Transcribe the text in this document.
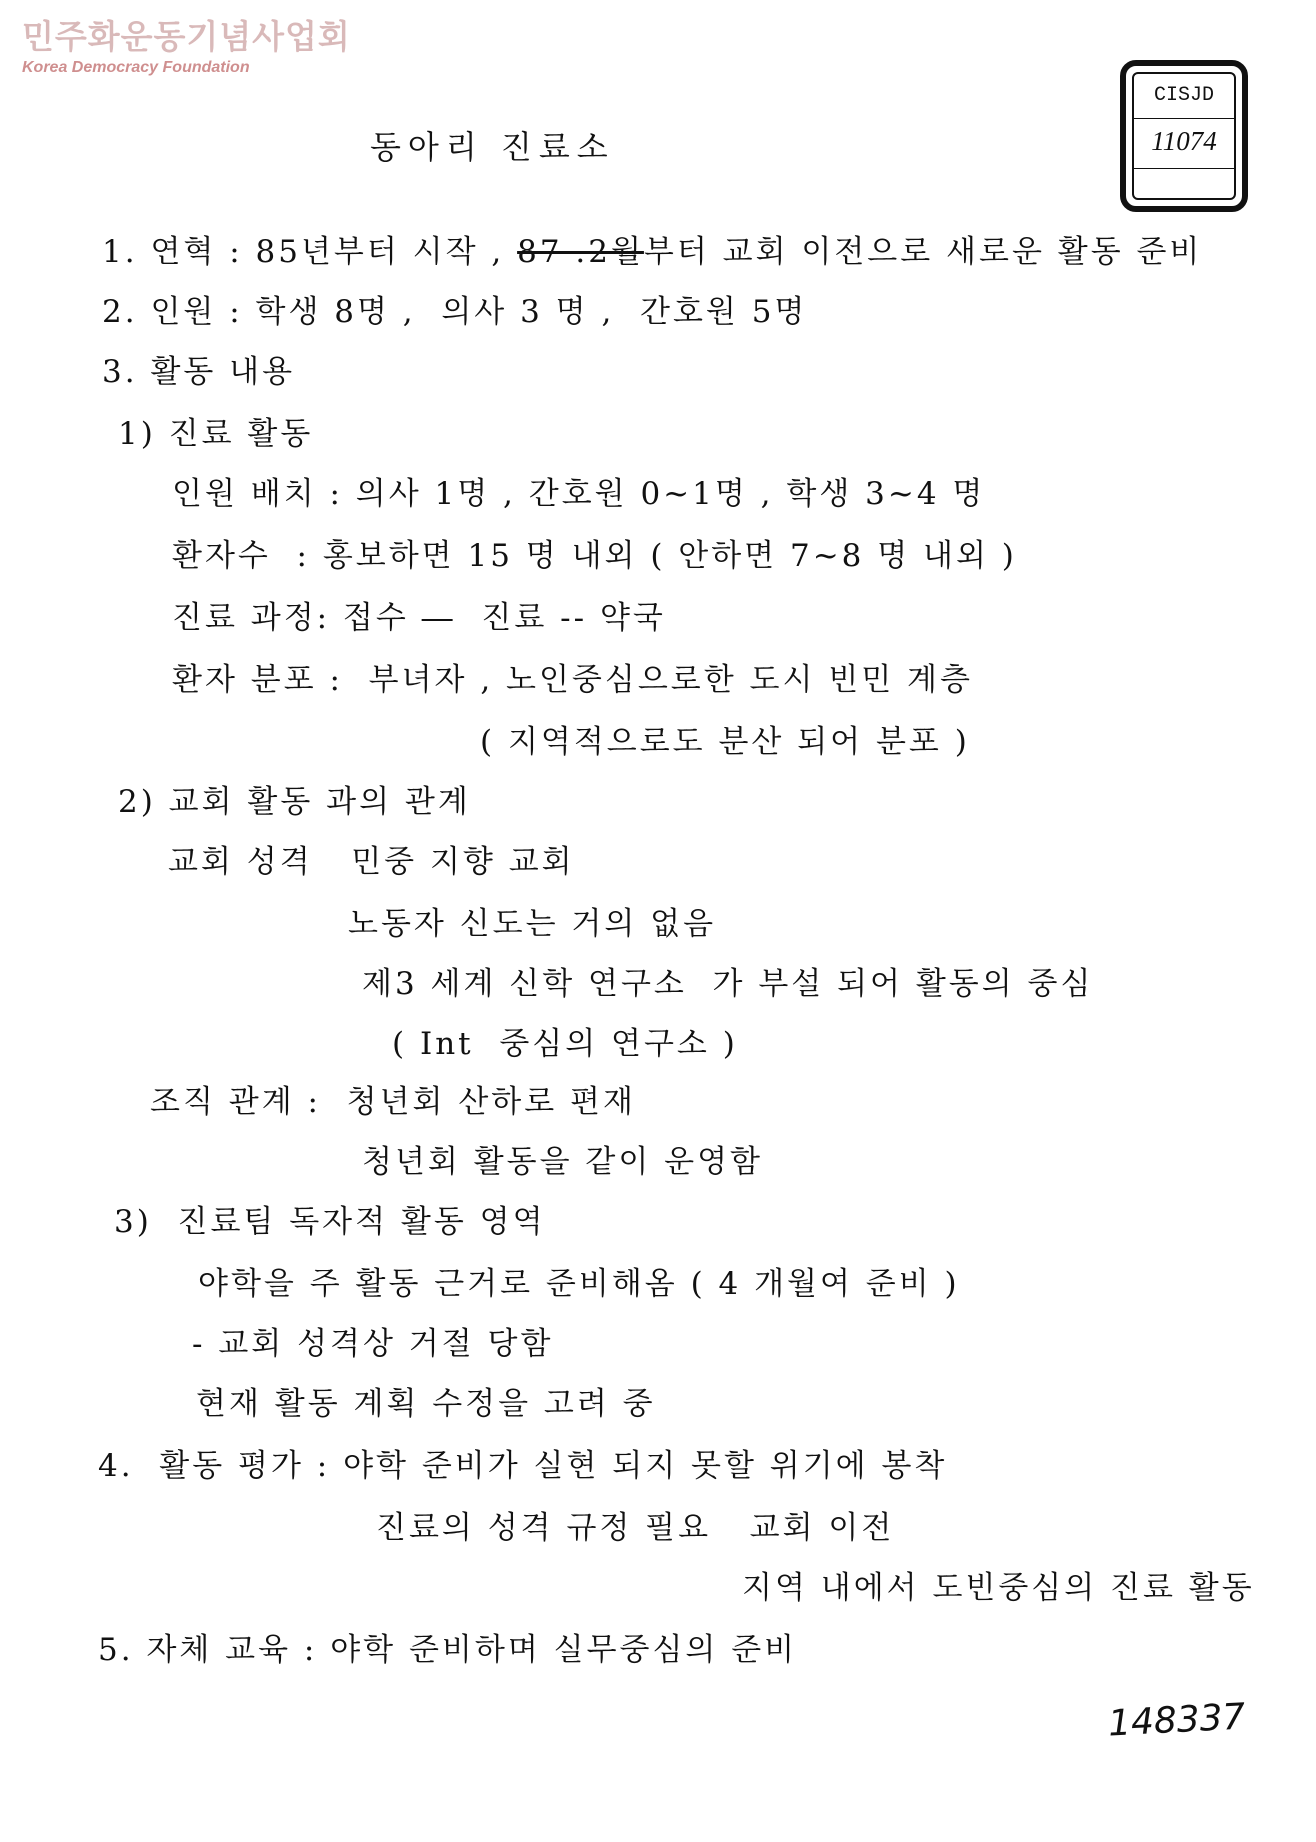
민주화운동기념사업회
Korea Democracy Foundation
CISJD
11074
동아리 진료소
1. 연혁 : 85년부터 시작 , 87 .2월부터 교회 이전으로 새로운 활동 준비
2. 인원 : 학생 8명 ,  의사 3 명 ,  간호원 5명
3. 활동 내용
1) 진료 활동
인원 배치 : 의사 1명 , 간호원 0~1명 , 학생 3~4 명
환자수  : 홍보하면 15 명 내외 ( 안하면 7~8 명 내외 )
진료 과정: 접수 ―  진료 -- 약국
환자 분포 :  부녀자 , 노인중심으로한 도시 빈민 계층
( 지역적으로도 분산 되어 분포 )
2) 교회 활동 과의 관계
교회 성격   민중 지향 교회
노동자 신도는 거의 없음
제3 세계 신학 연구소  가 부설 되어 활동의 중심
( Int  중심의 연구소 )
조직 관계 :  청년회 산하로 편재
청년회 활동을 같이 운영함
3)  진료팀 독자적 활동 영역
야학을 주 활동 근거로 준비해옴 ( 4 개월여 준비 )
- 교회 성격상 거절 당함
현재 활동 계획 수정을 고려 중
4. 활동 평가 : 야학 준비가 실현 되지 못할 위기에 봉착
진료의 성격 규정 필요   교회 이전
지역 내에서 도빈중심의 진료 활동
5. 자체 교육 : 야학 준비하며 실무중심의 준비
148337
